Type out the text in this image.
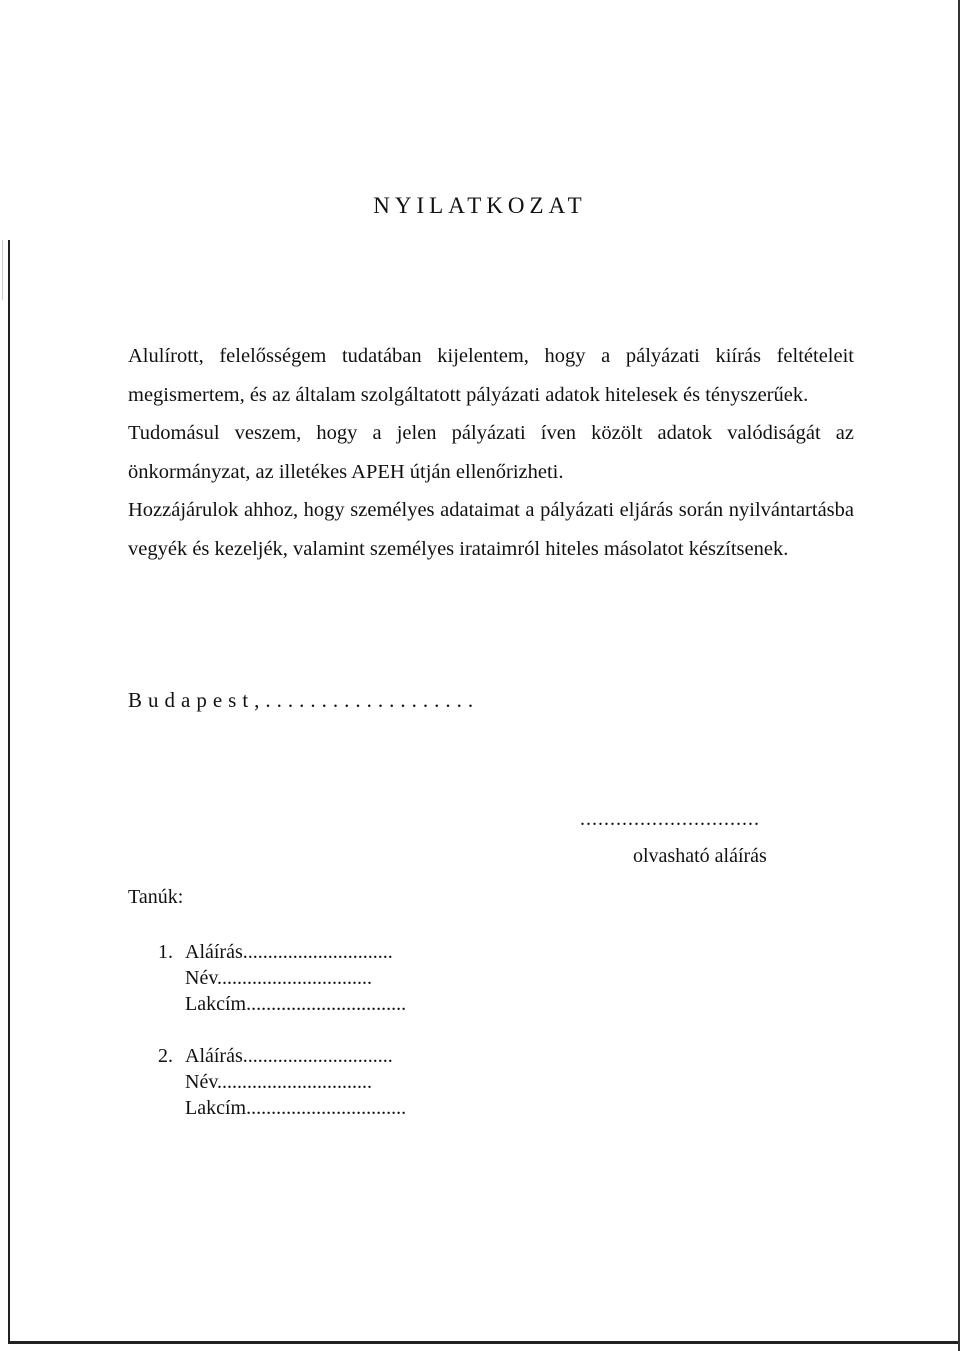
NYILATKOZAT

Alulírott, felelősségem tudatában kijelentem, hogy a pályázati kiírás feltételeit megismertem, és az általam szolgáltatott pályázati adatok hitelesek és tényszerűek.

Tudomásul veszem, hogy a jelen pályázati íven közölt adatok valódiságát az önkormányzat, az illetékes APEH útján ellenőrizheti.

Hozzájárulok ahhoz, hogy személyes adataimat a pályázati eljárás során nyilvántartásba vegyék és kezeljék, valamint személyes irataimról hiteles másolatot készítsenek.

Budapest,...................
..............................
olvasható aláírás
Tanúk:
1. Aláírás..............................
Név...............................
Lakcím................................
2. Aláírás..............................
Név...............................
Lakcím................................
